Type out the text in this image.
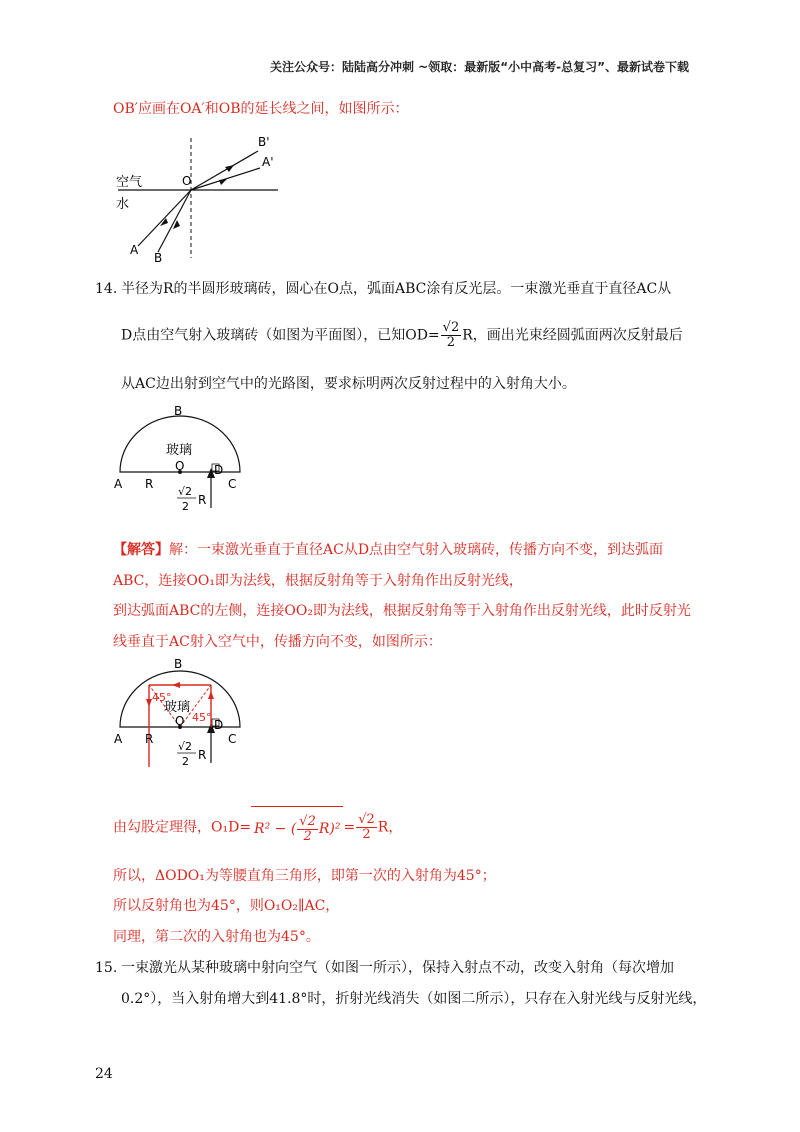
关注公众号：陆陆高分冲刺 ~领取：最新版“小中高考-总复习”、最新试卷下载
OB′应画在OA′和OB的延长线之间，如图所示：
空气
水
O
A
B
B'
A'
14. 半径为R的半圆形玻璃砖，圆心在O点，弧面ABC涂有反光层。一束激光垂直于直径AC从
D点由空气射入玻璃砖（如图为平面图），已知$OD= \frac{√2}{2}$ R，画出光束经圆弧面两次反射最后
从AC边出射到空气中的光路图，要求标明两次反射过程中的入射角大小。
B
玻璃
O D
A R	C
√2
2 R
【解答】解：一束激光垂直于直径AC从D点由空气射入玻璃砖，传播方向不变，到达弧面
ABC，连接OO₁即为法线，根据反射角等于入射角作出反射光线，
到达弧面ABC的左侧，连接OO₂即为法线，根据反射角等于入射角作出反射光线，此时反射光
线垂直于AC射入空气中，传播方向不变，如图所示：
B
玻璃
45°
45°
O D
A R	C
√2
2 R
由勾股定理得，O₁D= R² − ( $\frac{√2}{2} R)^2 = \frac{√2}{2}$ R，
所以，ΔODO₁为等腰直角三角形，即第一次的入射角为45°；
所以反射角也为45°，则O₁O₂∥AC，
同理，第二次的入射角也为45°。
15. 一束激光从某种玻璃中射向空气（如图一所示），保持入射点不动，改变入射角（每次增加
0.2°），当入射角增大到41.8°时，折射光线消失（如图二所示），只存在入射光线与反射光线，
24
